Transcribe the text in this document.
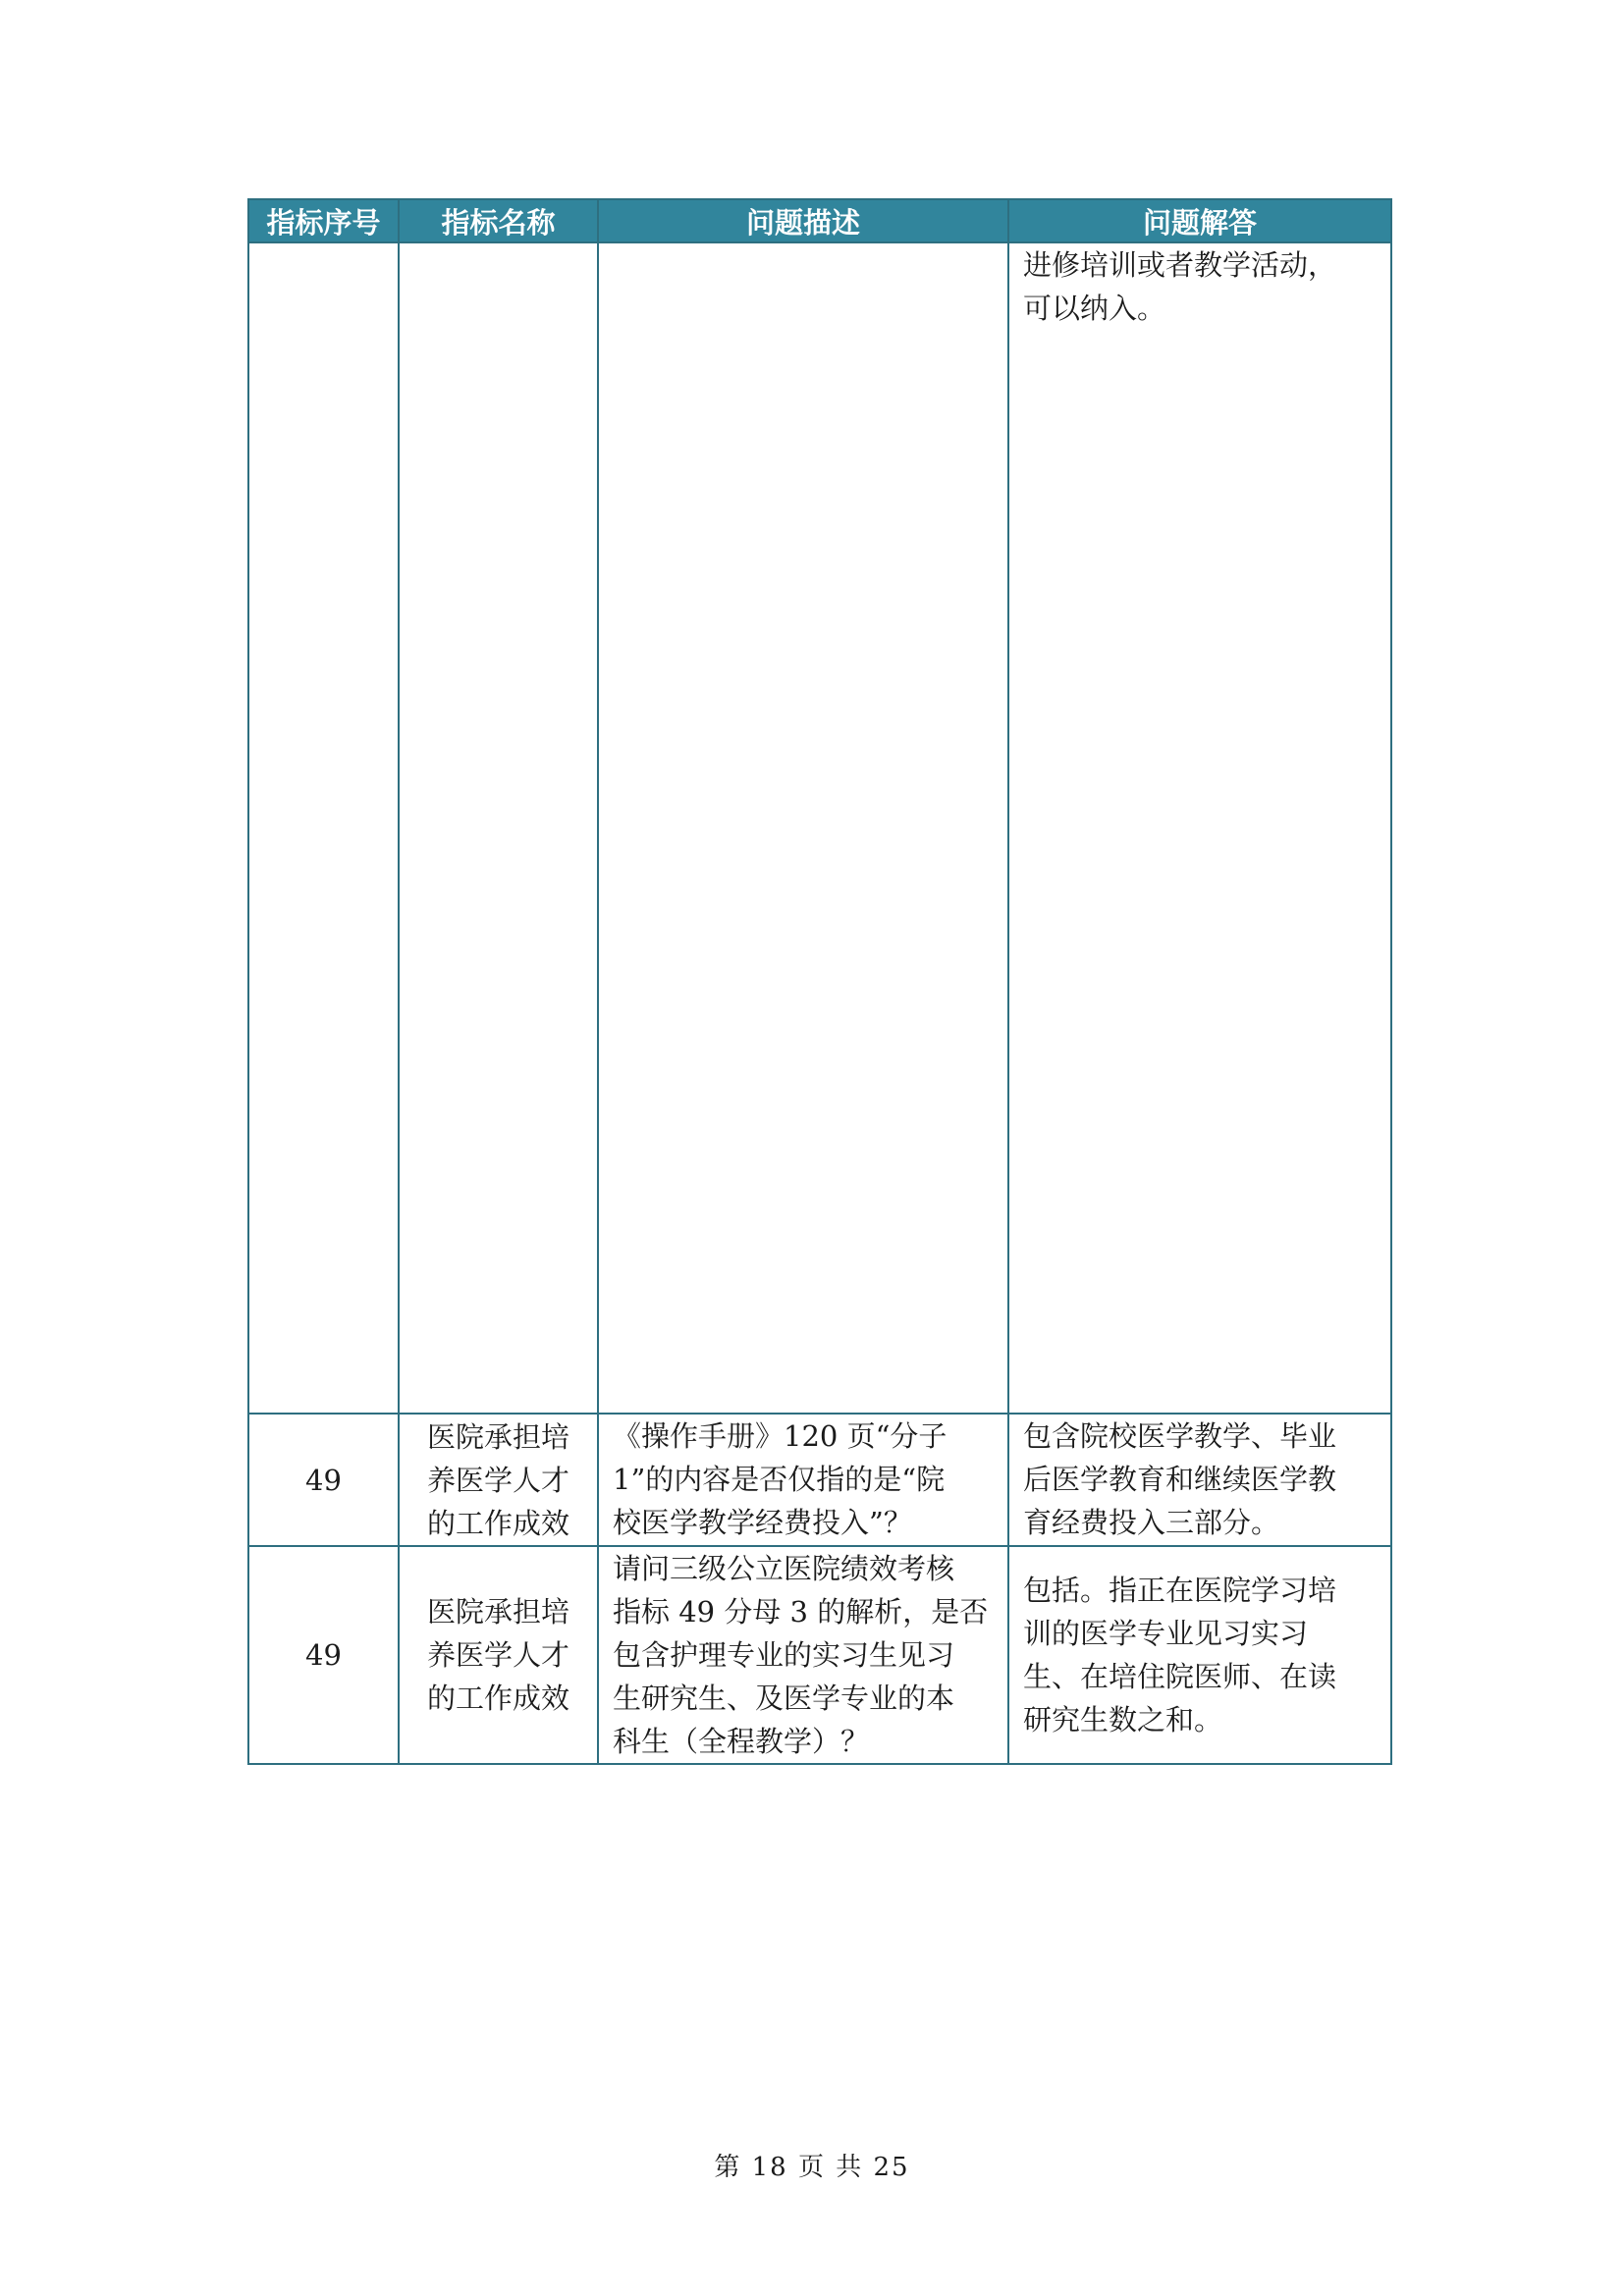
指标序号	指标名称	问题描述	问题解答

			进修培训或者教学活动，
可以纳入。

49	医院承担培
养医学人才
的工作成效	《操作手册》120 页“分子
1”的内容是否仅指的是“院
校医学教学经费投入”？	包含院校医学教学、毕业
后医学教育和继续医学教
育经费投入三部分。

49	医院承担培
养医学人才
的工作成效	请问三级公立医院绩效考核
指标 49 分母 3 的解析，是否
包含护理专业的实习生见习
生研究生、及医学专业的本
科生（全程教学）？	包括。指正在医院学习培
训的医学专业见习实习
生、在培住院医师、在读
研究生数之和。
第 18 页 共 25
